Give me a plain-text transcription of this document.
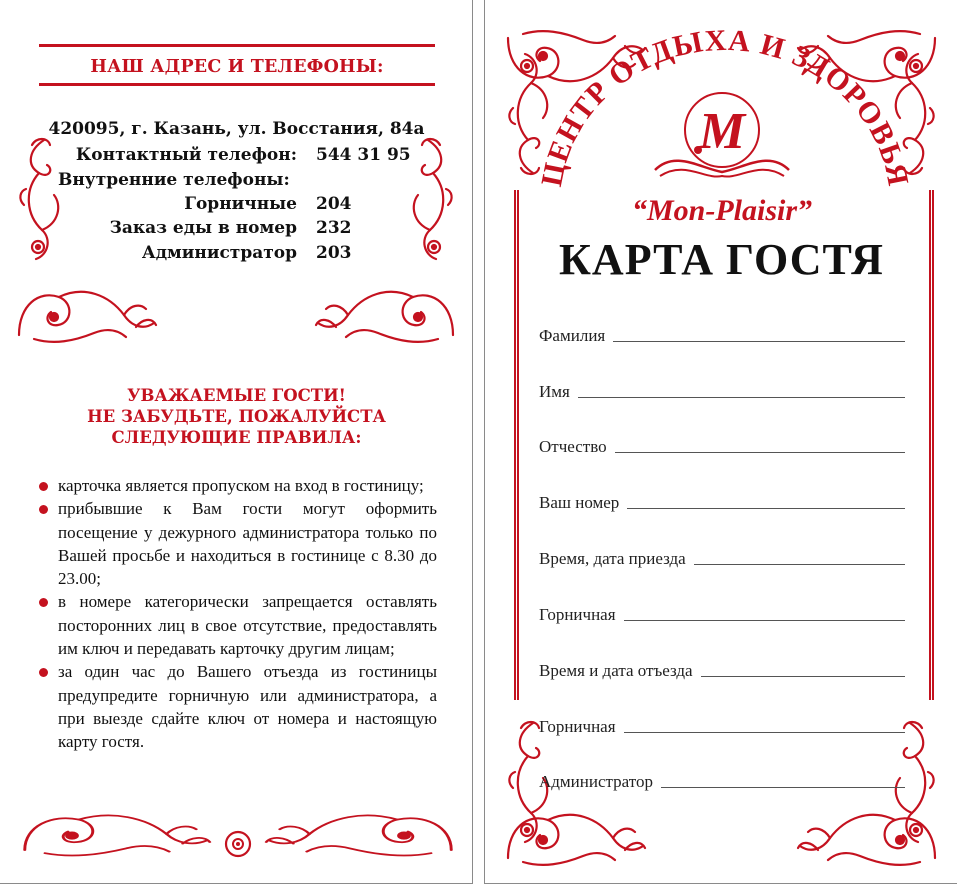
НАШ АДРЕС И ТЕЛЕФОНЫ:
420095, г. Казань, ул. Восстания, 84а
Контактный телефон: 544 31 95
Внутренние телефоны:
Горничные 204
Заказ еды в номер 232
Администратор 203
УВАЖАЕМЫЕ ГОСТИ!
НЕ ЗАБУДЬТЕ, ПОЖАЛУЙСТА
СЛЕДУЮЩИЕ ПРАВИЛА:
карточка является пропуском на вход в гостиницу;
прибывшие к Вам гости могут оформить посещение у дежурного администратора только по Вашей просьбе и находиться в гостинице с 8.30 до 23.00;
в номере категорически запрещается оставлять посторонних лиц в свое отсутствие, предоставлять им ключ и передавать карточку другим лицам;
за один час до Вашего отъезда из гостиницы предупредите горничную или администратора, а при выезде сдайте ключ от номера и настоящую карту гостя.
ЦЕНТР ОТДЫХА И ЗДОРОВЬЯ
M
“Mon-Plaisir”
КАРТА ГОСТЯ
Фамилия
Имя
Отчество
Ваш номер
Время, дата приезда
Горничная
Время и дата отъезда
Горничная
Администратор
